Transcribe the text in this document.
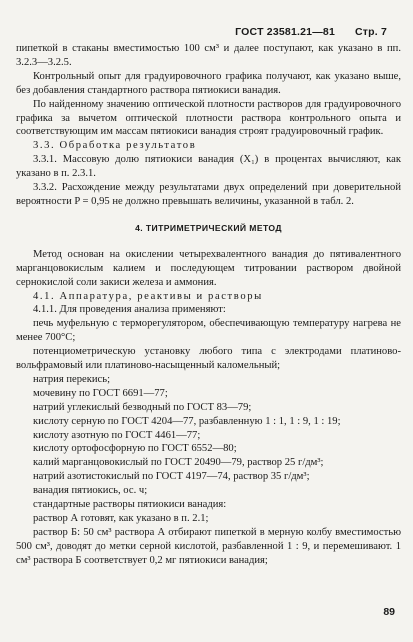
ГОСТ 23581.21—81 Стр. 7

пипеткой в стаканы вместимостью 100 см³ и далее поступают, как указано в пп. 3.2.3—3.2.5.

Контрольный опыт для градуировочного графика получают, как указано выше, без добавления стандартного раствора пятиокиси ванадия.

По найденному значению оптической плотности растворов для градуировочного графика за вычетом оптической плотности раствора контрольного опыта и соответствующим им массам пятиокиси ванадия строят градуировочный график.

3.3. Обработка результатов

3.3.1. Массовую долю пятиокиси ванадия (X₁) в процентах вычисляют, как указано в п. 2.3.1.

3.3.2. Расхождение между результатами двух определений при доверительной вероятности P = 0,95 не должно превышать величины, указанной в табл. 2.

4. ТИТРИМЕТРИЧЕСКИЙ МЕТОД

Метод основан на окислении четырехвалентного ванадия до пятивалентного марганцовокислым калием и последующем титровании раствором двойной сернокислой соли закиси железа и аммония.

4.1. Аппаратура, реактивы и растворы

4.1.1. Для проведения анализа применяют:

печь муфельную с терморегулятором, обеспечивающую температуру нагрева не менее 700°С;

потенциометрическую установку любого типа с электродами платиново-вольфрамовый или платиново-насыщенный каломельный;

натрия перекись;

мочевину по ГОСТ 6691—77;

натрий углекислый безводный по ГОСТ 83—79;

кислоту серную по ГОСТ 4204—77, разбавленную 1 : 1, 1 : 9, 1 : 19;

кислоту азотную по ГОСТ 4461—77;

кислоту ортофосфорную по ГОСТ 6552—80;

калий марганцовокислый по ГОСТ 20490—79, раствор 25 г/дм³;

натрий азотистокислый по ГОСТ 4197—74, раствор 35 г/дм³;

ванадия пятиокись, ос. ч;

стандартные растворы пятиокиси ванадия:

раствор А готовят, как указано в п. 2.1;

раствор Б: 50 см³ раствора А отбирают пипеткой в мерную колбу вместимостью 500 см³, доводят до метки серной кислотой, разбавленной 1 : 9, и перемешивают. 1 см³ раствора Б соответствует 0,2 мг пятиокиси ванадия;

89
